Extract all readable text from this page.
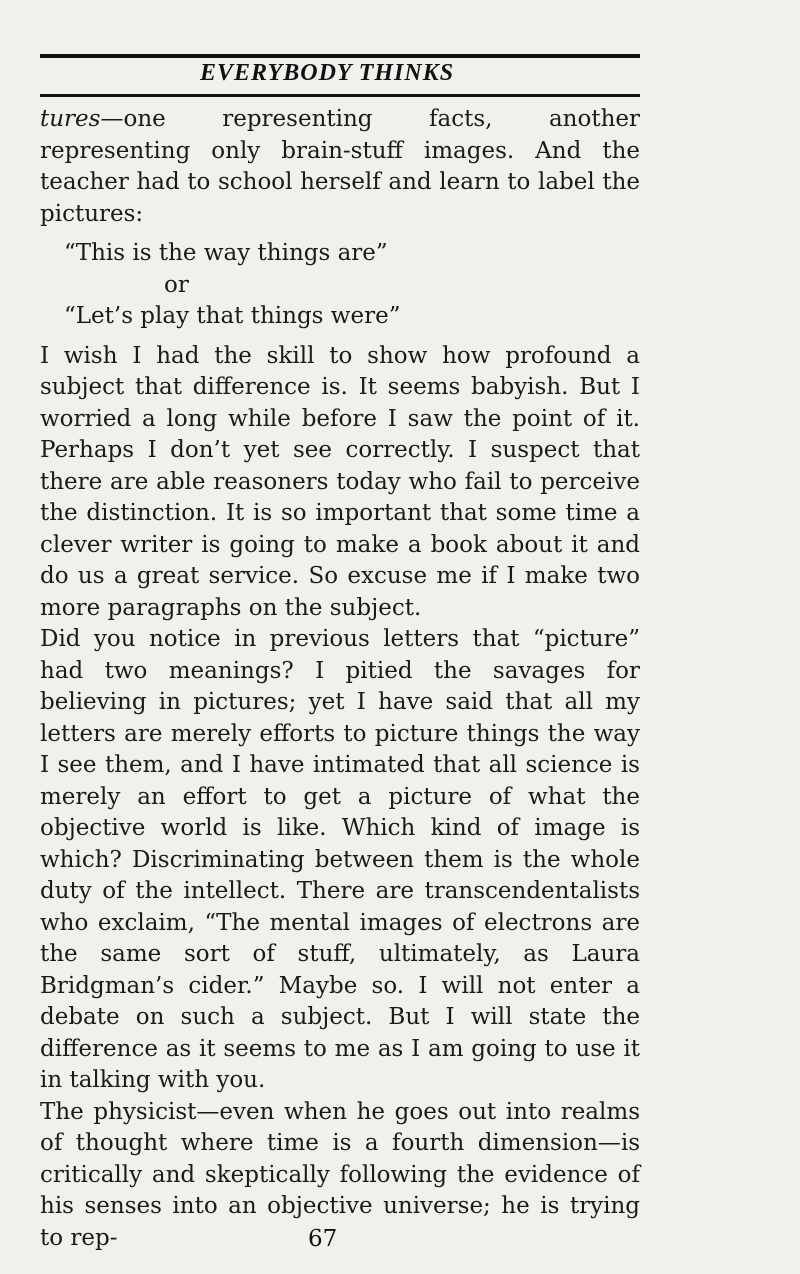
EVERYBODY THINKS

tures—one representing facts, another representing only brain-stuff images. And the teacher had to school herself and learn to label the pictures:

“This is the way things are”
or
“Let’s play that things were”

I wish I had the skill to show how profound a subject that difference is. It seems babyish. But I worried a long while before I saw the point of it. Perhaps I don’t yet see correctly. I suspect that there are able reasoners today who fail to perceive the distinction. It is so important that some time a clever writer is going to make a book about it and do us a great service. So excuse me if I make two more paragraphs on the subject.

Did you notice in previous letters that “picture” had two meanings? I pitied the savages for believing in pictures; yet I have said that all my letters are merely efforts to picture things the way I see them, and I have intimated that all science is merely an effort to get a picture of what the objective world is like. Which kind of image is which? Discriminating between them is the whole duty of the intellect. There are transcendentalists who exclaim, “The mental images of electrons are the same sort of stuff, ultimately, as Laura Bridgman’s cider.” Maybe so. I will not enter a debate on such a subject. But I will state the difference as it seems to me as I am going to use it in talking with you.

The physicist—even when he goes out into realms of thought where time is a fourth dimension—is critically and skeptically following the evidence of his senses into an objective universe; he is trying to rep-	67
